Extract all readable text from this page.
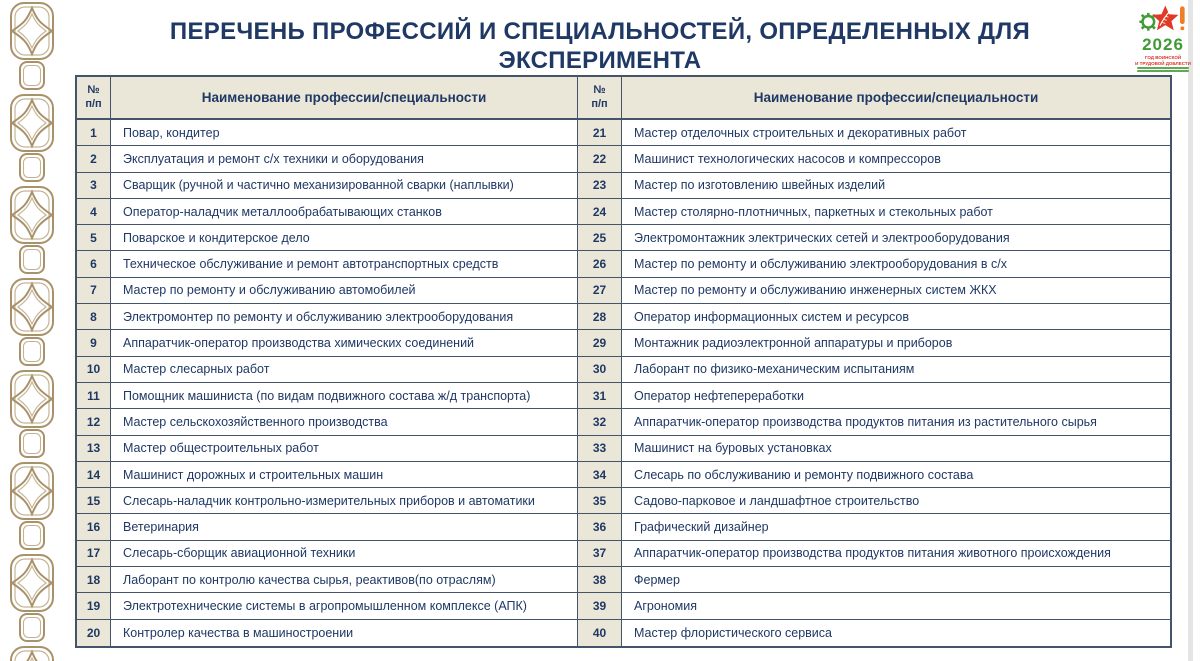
ПЕРЕЧЕНЬ ПРОФЕССИЙ И СПЕЦИАЛЬНОСТЕЙ, ОПРЕДЕЛЕННЫХ ДЛЯ ЭКСПЕРИМЕНТА
2026
ГОД ВОИНСКОЙ
И ТРУДОВОЙ ДОБЛЕСТИ
№
п/п	Наименование профессии/специальности
№
п/п	Наименование профессии/специальности
1	Повар, кондитер	21	Мастер отделочных строительных и декоративных работ
2	Эксплуатация и ремонт с/х техники и оборудования	22	Машинист технологических насосов и компрессоров
3	Сварщик (ручной и частично механизированной сварки (наплывки)	23	Мастер по изготовлению швейных изделий
4	Оператор-наладчик металлообрабатывающих станков	24	Мастер столярно-плотничных, паркетных и стекольных работ
5	Поварское и кондитерское дело	25	Электромонтажник электрических сетей и электрооборудования
6	Техническое обслуживание и ремонт автотранспортных средств	26	Мастер по ремонту и обслуживанию электрооборудования в с/х
7	Мастер по ремонту и обслуживанию автомобилей	27	Мастер по ремонту и обслуживанию инженерных систем ЖКХ
8	Электромонтер по ремонту и обслуживанию электрооборудования	28	Оператор информационных систем и ресурсов
9	Аппаратчик-оператор производства химических соединений	29	Монтажник радиоэлектронной аппаратуры и приборов
10	Мастер слесарных работ	30	Лаборант по физико-механическим испытаниям
11	Помощник машиниста (по видам подвижного состава ж/д транспорта)	31	Оператор нефтепереработки
12	Мастер сельскохозяйственного производства	32	Аппаратчик-оператор производства продуктов питания из растительного сырья
13	Мастер общестроительных работ	33	Машинист на буровых установках
14	Машинист дорожных и строительных машин	34	Слесарь по обслуживанию и ремонту подвижного состава
15	Слесарь-наладчик контрольно-измерительных приборов и автоматики	35	Садово-парковое и ландшафтное строительство
16	Ветеринария	36	Графический дизайнер
17	Слесарь-сборщик авиационной техники	37	Аппаратчик-оператор производства продуктов питания животного происхождения
18	Лаборант по контролю качества сырья, реактивов(по отраслям)	38	Фермер
19	Электротехнические системы в агропромышленном комплексе (АПК)	39	Агрономия
20	Контролер качества в машиностроении	40	Мастер флористического сервиса
